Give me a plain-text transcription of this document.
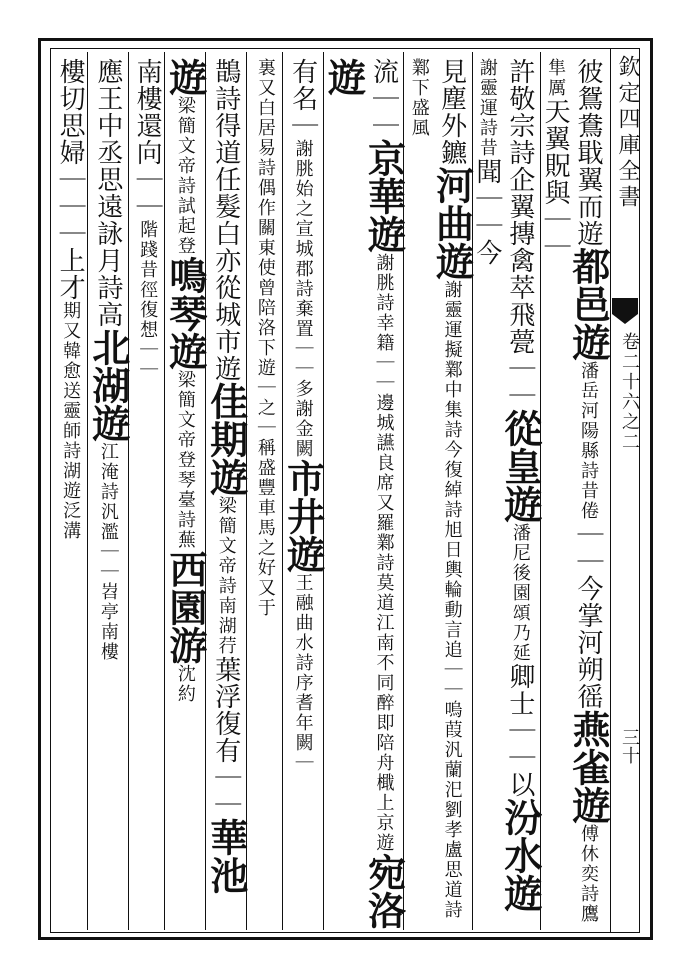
欽定四庫全書
卷二十六之二
三十
彼鴛鴦戢翼而遊都邑遊潘岳河陽縣詩昔倦｜｜今掌河朔徭燕雀遊傅休奕詩鷹隼厲天翼貺與｜｜
許敬宗詩企翼摶禽萃飛甍｜｜從皇遊潘尼後園頌乃延卿士｜｜以汾水遊謝靈運詩昔聞｜｜今
見塵外鑣河曲遊謝靈運擬鄴中集詩今復綽詩旭日輿輪動言追｜｜嗚葭汎蘭汜劉孝盧思道詩鄴下盛風
流｜｜京華遊謝朓詩幸籍｜｜邊城讌良席又羅鄴詩莫道江南不同醉即陪舟檝上京遊宛洛遊
有名｜謝朓始之宣城郡詩棄置｜｜多謝金闕市井遊王融曲水詩序耆年闕｜
裏又白居易詩偶作關東使曾陪洛下遊｜之｜稱盛豐車馬之好又于
鵲詩得道任髮白亦從城市遊佳期遊梁簡文帝詩南湖荇葉浮復有｜｜華池
遊梁簡文帝詩試起登鳴琴遊梁簡文帝登琴臺詩蕪西園游沈約
南樓還向｜｜階踐昔徑復想｜｜
應王中丞思遠詠月詩高北湖遊江淹詩汎濫｜｜岧亭南樓
樓切思婦｜｜｜上才期又韓愈送靈師詩湖遊泛溝
